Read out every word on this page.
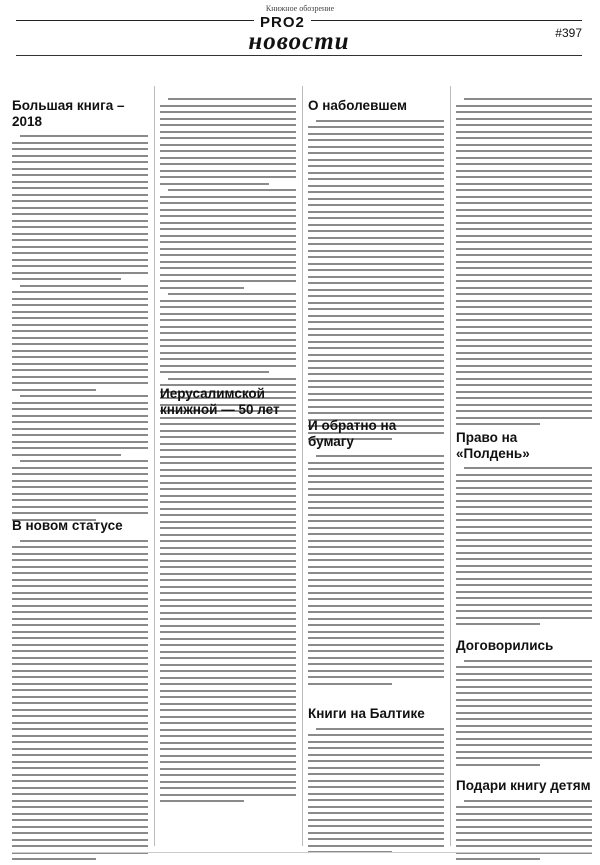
Книжное обозрение
PRO2
#397
новости
Большая книга – 2018
В новом статусе
Иерусалимской книжной — 50 лет
О наболевшем
И обратно на бумагу
Книги на Балтике
Право на «Полдень»
Договорились
Подари книгу детям
